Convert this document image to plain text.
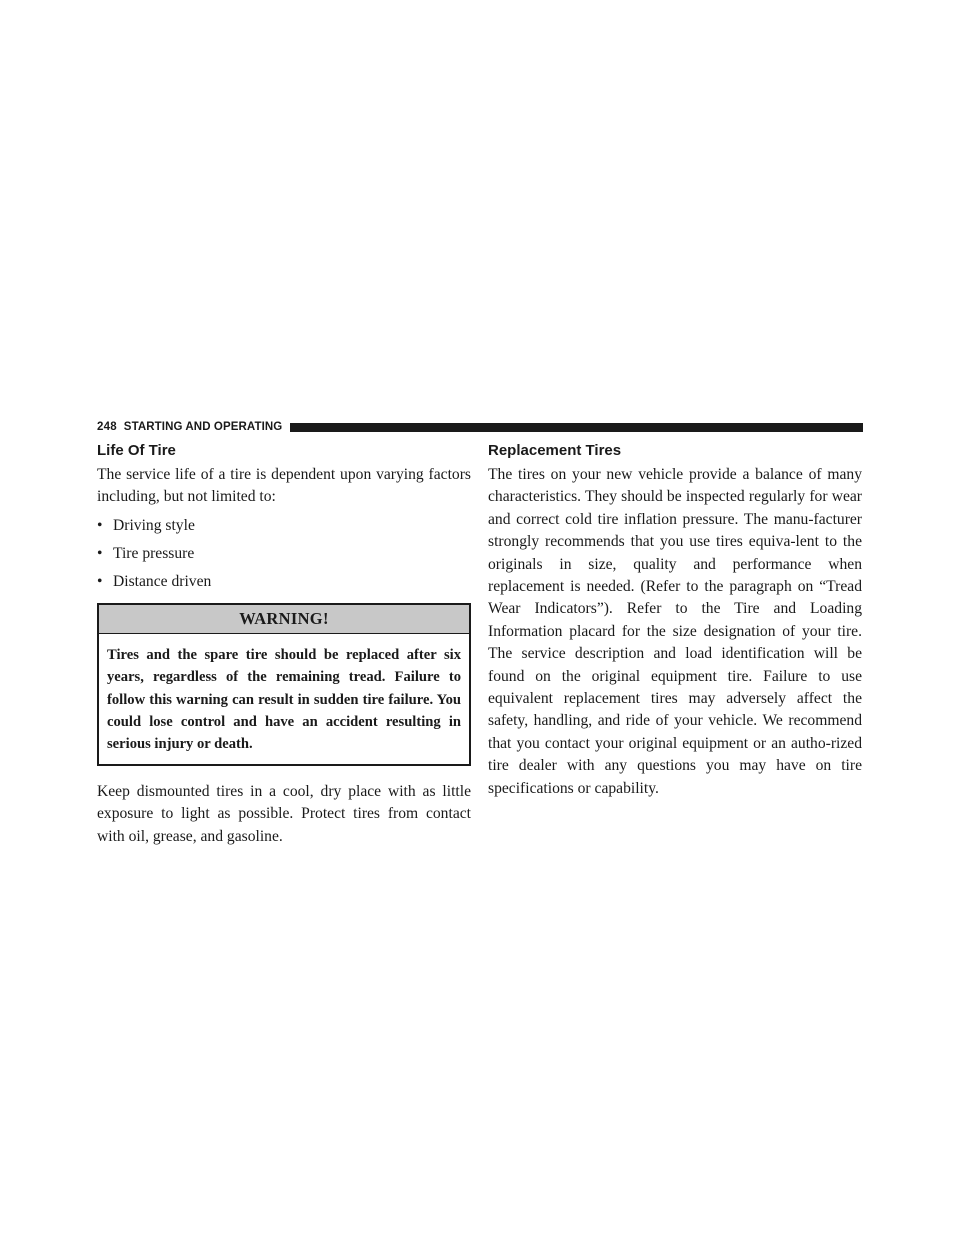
248 STARTING AND OPERATING
Life Of Tire

The service life of a tire is dependent upon varying factors including, but not limited to:

• Driving style
• Tire pressure
• Distance driven
WARNING!
Tires and the spare tire should be replaced after six years, regardless of the remaining tread. Failure to follow this warning can result in sudden tire failure. You could lose control and have an accident resulting in serious injury or death.

Keep dismounted tires in a cool, dry place with as little exposure to light as possible. Protect tires from contact with oil, grease, and gasoline.

Replacement Tires

The tires on your new vehicle provide a balance of many characteristics. They should be inspected regularly for wear and correct cold tire inflation pressure. The manu-facturer strongly recommends that you use tires equiva-lent to the originals in size, quality and performance when replacement is needed. (Refer to the paragraph on “Tread Wear Indicators”). Refer to the Tire and Loading Information placard for the size designation of your tire. The service description and load identification will be found on the original equipment tire. Failure to use equivalent replacement tires may adversely affect the safety, handling, and ride of your vehicle. We recommend that you contact your original equipment or an autho-rized tire dealer with any questions you may have on tire specifications or capability.
